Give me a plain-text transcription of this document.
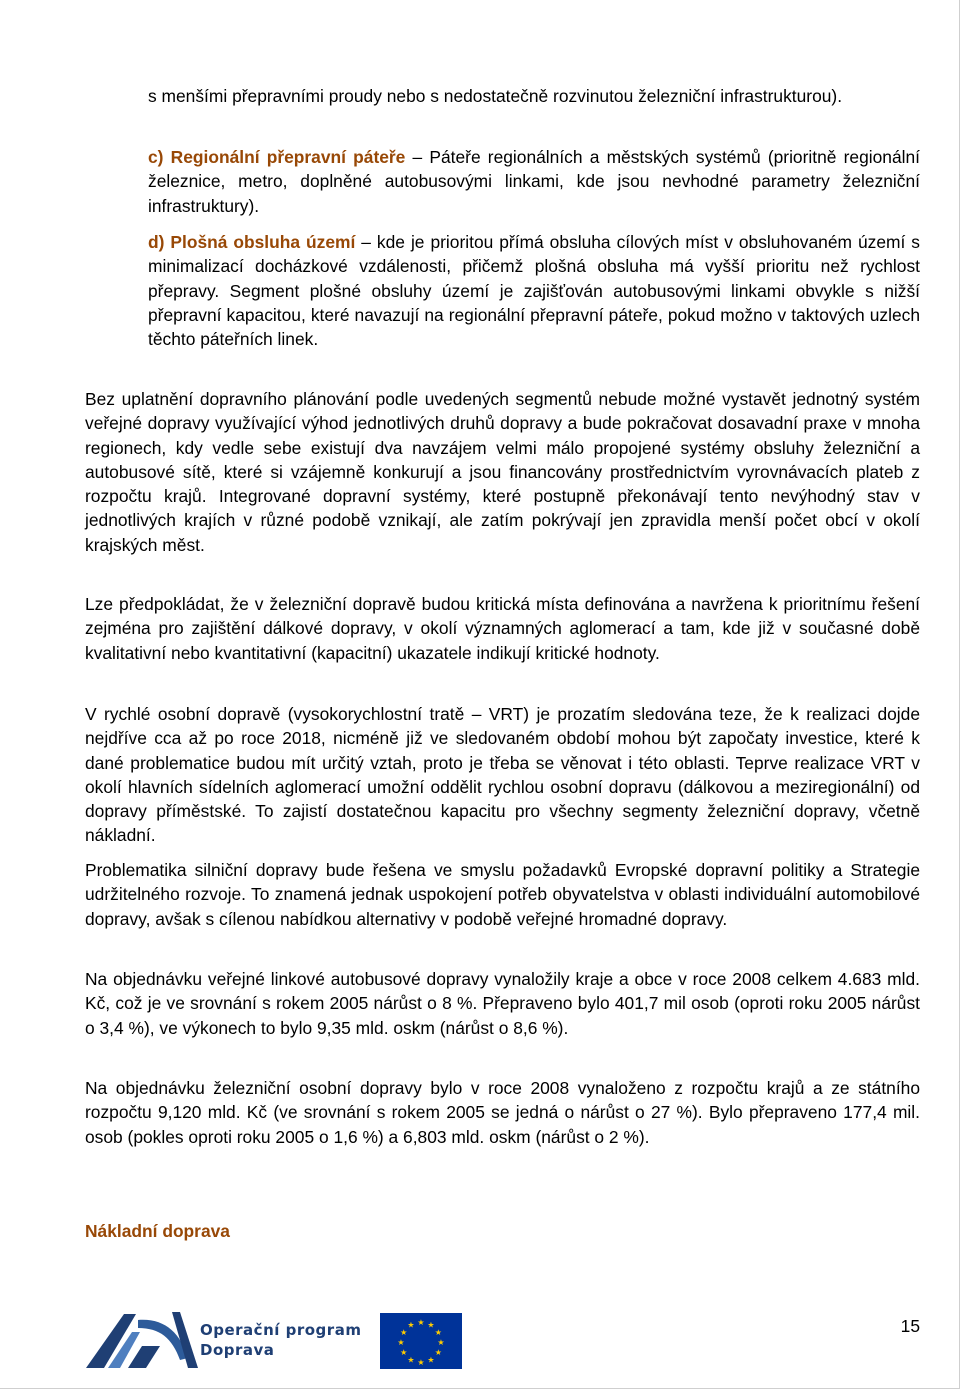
s menšími přepravními proudy nebo s nedostatečně rozvinutou železniční infrastrukturou).

c) Regionální přepravní páteře – Páteře regionálních a městských systémů (prioritně regionální železnice, metro, doplněné autobusovými linkami, kde jsou nevhodné parametry železniční infrastruktury).

d) Plošná obsluha území – kde je prioritou přímá obsluha cílových míst v obsluhovaném území s minimalizací docházkové vzdálenosti, přičemž plošná obsluha má vyšší prioritu než rychlost přepravy. Segment plošné obsluhy území je zajišťován autobusovými linkami obvykle s nižší přepravní kapacitou, které navazují na regionální přepravní páteře, pokud možno v taktových uzlech těchto páteřních linek.

Bez uplatnění dopravního plánování podle uvedených segmentů nebude možné vystavět jednotný systém veřejné dopravy využívající výhod jednotlivých druhů dopravy a bude pokračovat dosavadní praxe v mnoha regionech, kdy vedle sebe existují dva navzájem velmi málo propojené systémy obsluhy železniční a autobusové sítě, které si vzájemně konkurují a jsou financovány prostřednictvím vyrovnávacích plateb z rozpočtu krajů. Integrované dopravní systémy, které postupně překonávají tento nevýhodný stav v jednotlivých krajích v různé podobě vznikají, ale zatím pokrývají jen zpravidla menší počet obcí v okolí krajských měst.

Lze předpokládat, že v železniční dopravě budou kritická místa definována a navržena k prioritnímu řešení zejména pro zajištění dálkové dopravy, v okolí významných aglomerací a tam, kde již v současné době kvalitativní nebo kvantitativní (kapacitní) ukazatele indikují kritické hodnoty.

V rychlé osobní dopravě (vysokorychlostní tratě – VRT) je prozatím sledována teze, že k realizaci dojde nejdříve cca až po roce 2018, nicméně již ve sledovaném období mohou být započaty investice, které k dané problematice budou mít určitý vztah, proto je třeba se věnovat i této oblasti. Teprve realizace VRT v okolí hlavních sídelních aglomerací umožní oddělit rychlou osobní dopravu (dálkovou a meziregionální) od dopravy příměstské. To zajistí dostatečnou kapacitu pro všechny segmenty železniční dopravy, včetně nákladní.

Problematika silniční dopravy bude řešena ve smyslu požadavků Evropské dopravní politiky a Strategie udržitelného rozvoje. To znamená jednak uspokojení potřeb obyvatelstva v oblasti individuální automobilové dopravy, avšak s cílenou nabídkou alternativy v podobě veřejné hromadné dopravy.

Na objednávku veřejné linkové autobusové dopravy vynaložily kraje a obce v roce 2008 celkem 4.683 mld. Kč, což je ve srovnání s rokem 2005 nárůst o 8 %. Přepraveno bylo 401,7 mil osob (oproti roku 2005 nárůst o 3,4 %), ve výkonech to bylo 9,35 mld. oskm (nárůst o 8,6 %).

Na objednávku železniční osobní dopravy bylo v roce 2008 vynaloženo z rozpočtu krajů a ze státního rozpočtu 9,120 mld. Kč (ve srovnání s rokem 2005 se jedná o nárůst o 27 %). Bylo přepraveno 177,4 mil. osob (pokles oproti roku 2005 o 1,6 %) a 6,803 mld. oskm (nárůst o 2 %).

Nákladní doprava
Operační program
Doprava
★ ★
★
★
★
★
★
★
★
★
★
★	15
